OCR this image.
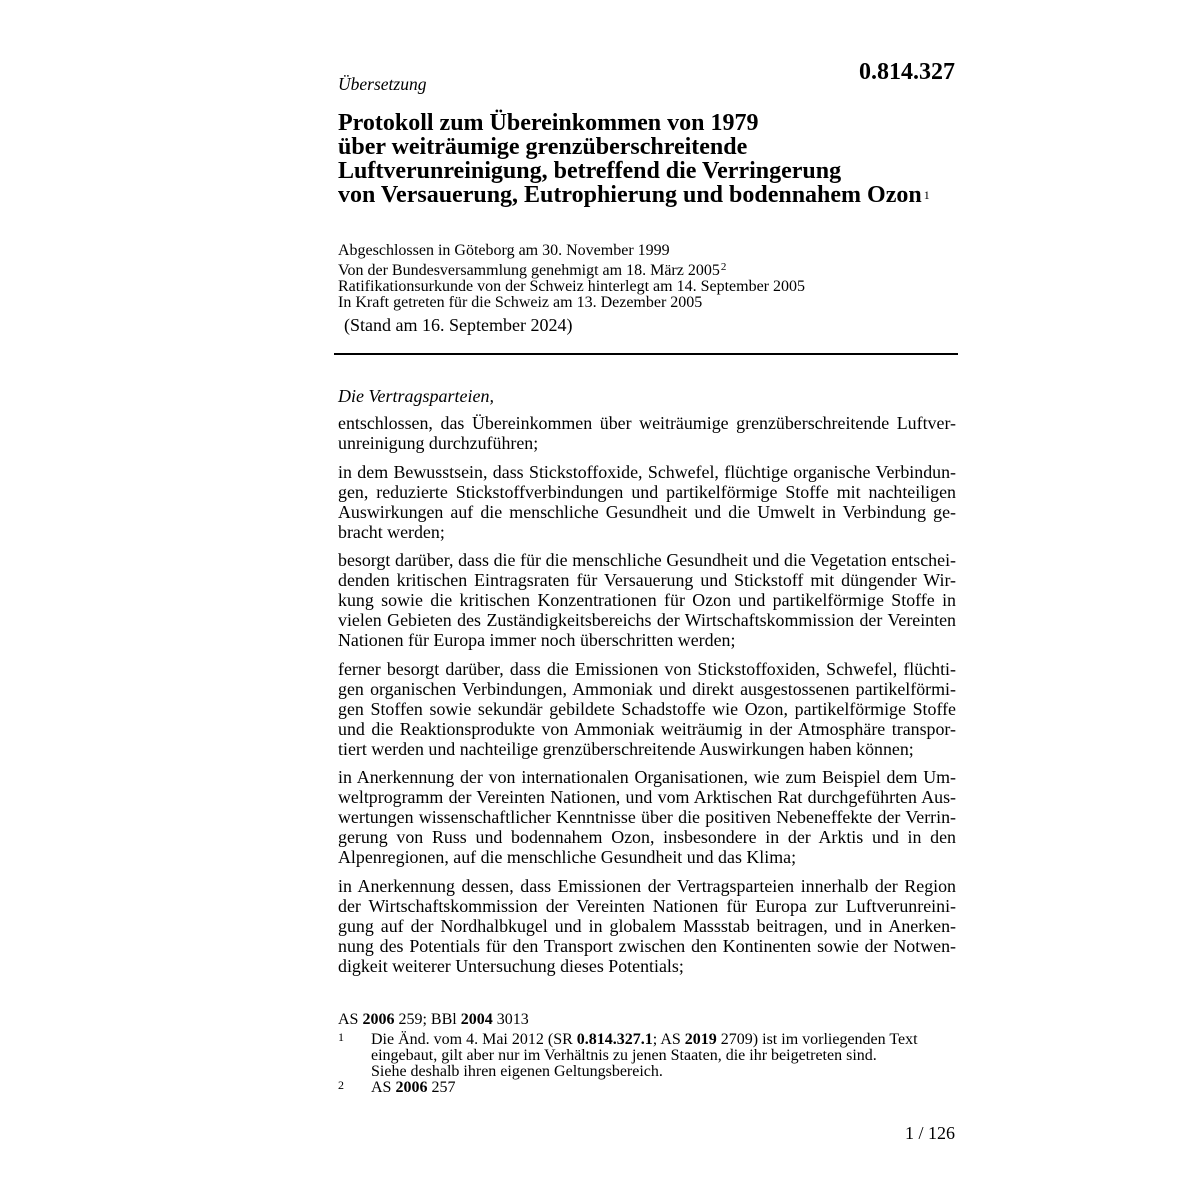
Übersetzung	0.814.327
Protokoll zum Übereinkommen von 1979
über weiträumige grenzüberschreitende
Luftverunreinigung, betreffend die Verringerung
von Versauerung, Eutrophierung und bodennahem Ozon 1
Abgeschlossen in Göteborg am 30. November 1999
Von der Bundesversammlung genehmigt am 18. März 2005$^2$
Ratifikationsurkunde von der Schweiz hinterlegt am 14. September 2005
In Kraft getreten für die Schweiz am 13. Dezember 2005
(Stand am 16. September 2024)
Die Vertragsparteien,
entschlossen, das Übereinkommen über weiträumige grenzüberschreitende Luftver-
unreinigung durchzuführen;
in dem Bewusstsein, dass Stickstoffoxide, Schwefel, flüchtige organische Verbindun-
gen, reduzierte Stickstoffverbindungen und partikelförmige Stoffe mit nachteiligen
Auswirkungen auf die menschliche Gesundheit und die Umwelt in Verbindung ge-
bracht werden;
besorgt darüber, dass die für die menschliche Gesundheit und die Vegetation entschei-
denden kritischen Eintragsraten für Versauerung und Stickstoff mit düngender Wir-
kung sowie die kritischen Konzentrationen für Ozon und partikelförmige Stoffe in
vielen Gebieten des Zuständigkeitsbereichs der Wirtschaftskommission der Vereinten
Nationen für Europa immer noch überschritten werden;
ferner besorgt darüber, dass die Emissionen von Stickstoffoxiden, Schwefel, flüchti-
gen organischen Verbindungen, Ammoniak und direkt ausgestossenen partikelförmi-
gen Stoffen sowie sekundär gebildete Schadstoffe wie Ozon, partikelförmige Stoffe
und die Reaktionsprodukte von Ammoniak weiträumig in der Atmosphäre transpor-
tiert werden und nachteilige grenzüberschreitende Auswirkungen haben können;
in Anerkennung der von internationalen Organisationen, wie zum Beispiel dem Um-
weltprogramm der Vereinten Nationen, und vom Arktischen Rat durchgeführten Aus-
wertungen wissenschaftlicher Kenntnisse über die positiven Nebeneffekte der Verrin-
gerung von Russ und bodennahem Ozon, insbesondere in der Arktis und in den
Alpenregionen, auf die menschliche Gesundheit und das Klima;
in Anerkennung dessen, dass Emissionen der Vertragsparteien innerhalb der Region
der Wirtschaftskommission der Vereinten Nationen für Europa zur Luftverunreini-
gung auf der Nordhalbkugel und in globalem Massstab beitragen, und in Anerken-
nung des Potentials für den Transport zwischen den Kontinenten sowie der Notwen-
digkeit weiterer Untersuchung dieses Potentials;
AS 2006 259; BBl 2004 3013
1 Die Änd. vom 4. Mai 2012 (SR 0.814.327.1; AS 2019 2709) ist im vorliegenden Text
eingebaut, gilt aber nur im Verhältnis zu jenen Staaten, die ihr beigetreten sind.
Siehe deshalb ihren eigenen Geltungsbereich.
2 AS 2006 257
1 / 126
